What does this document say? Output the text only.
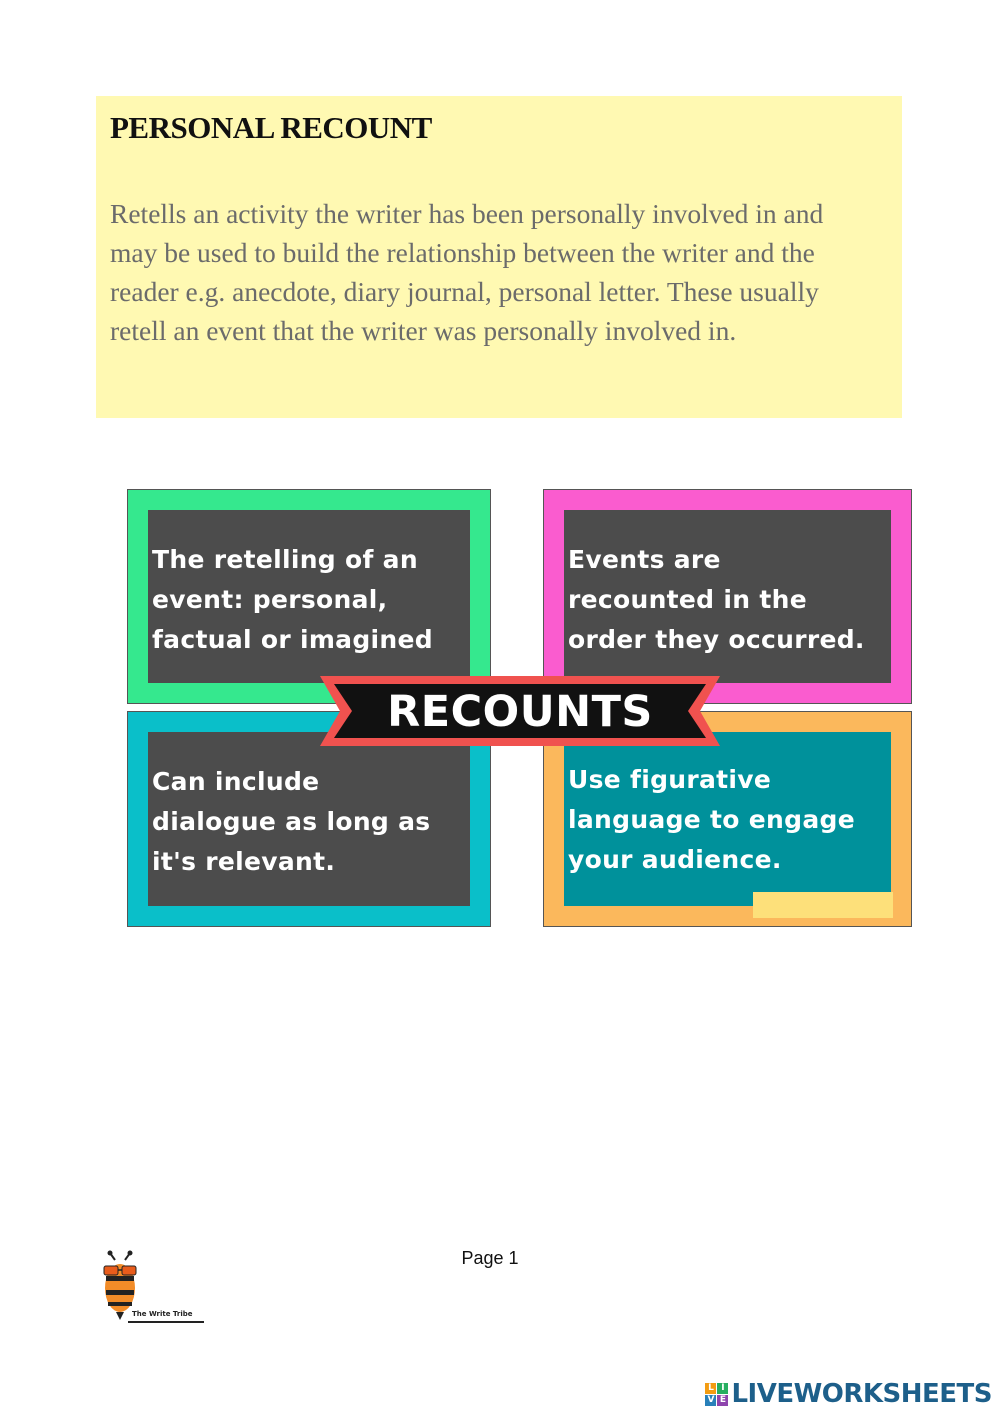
PERSONAL RECOUNT

Retells an activity the writer has been personally involved in and may be used to build the relationship between the writer and the reader e.g. anecdote, diary journal, personal letter. These usually retell an event that the writer was personally involved in.

The retelling of an
event: personal,
factual or imagined
Events are
recounted in the
order they occurred.
Can include
dialogue as long as
it's relevant.
Use figurative
language to engage
your audience.
RECOUNTS
The Write Tribe
Page 1
L I
V E LIVEWORKSHEETS
